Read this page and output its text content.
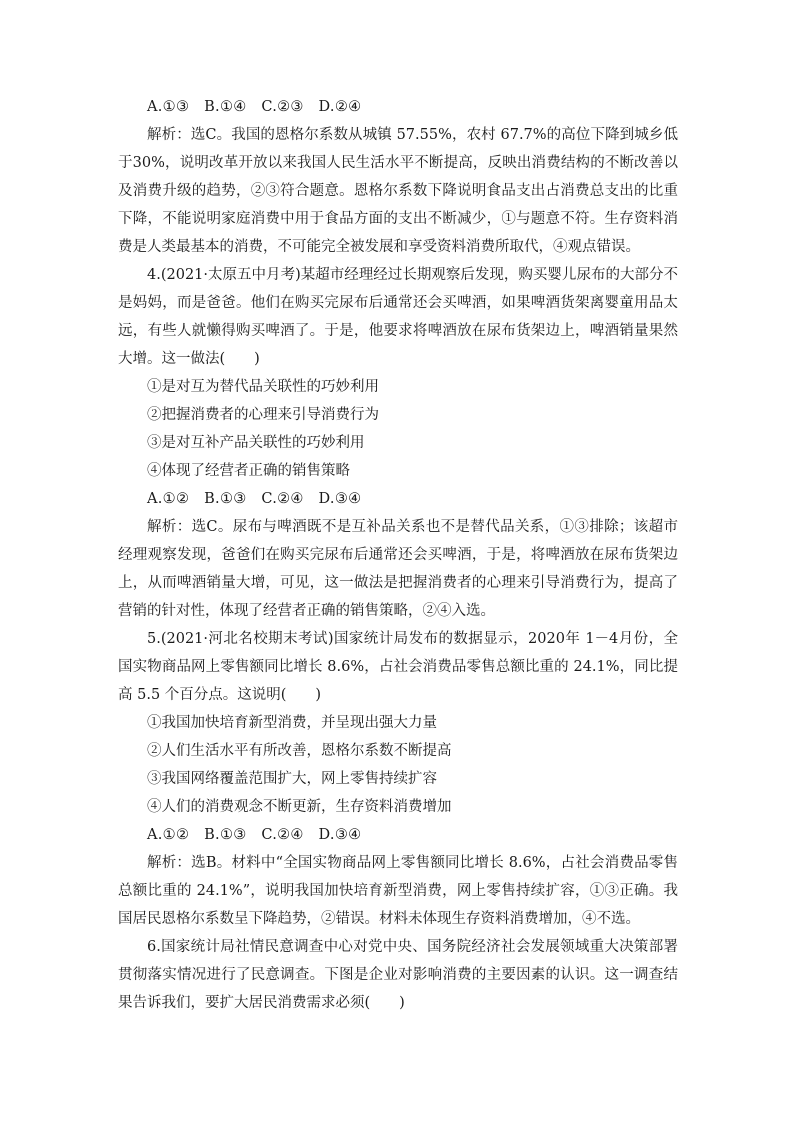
A.①③　B.①④　C.②③　D.②④

解析：选C。我国的恩格尔系数从城镇 57.55%，农村 67.7%的高位下降到城乡低于30%，说明改革开放以来我国人民生活水平不断提高，反映出消费结构的不断改善以及消费升级的趋势，②③符合题意。恩格尔系数下降说明食品支出占消费总支出的比重下降，不能说明家庭消费中用于食品方面的支出不断减少，①与题意不符。生存资料消费是人类最基本的消费，不可能完全被发展和享受资料消费所取代，④观点错误。

4.(2021·太原五中月考)某超市经理经过长期观察后发现，购买婴儿尿布的大部分不是妈妈，而是爸爸。他们在购买完尿布后通常还会买啤酒，如果啤酒货架离婴童用品太远，有些人就懒得购买啤酒了。于是，他要求将啤酒放在尿布货架边上，啤酒销量果然大增。这一做法(　　)

①是对互为替代品关联性的巧妙利用

②把握消费者的心理来引导消费行为

③是对互补产品关联性的巧妙利用

④体现了经营者正确的销售策略

A.①②　B.①③　C.②④　D.③④

解析：选C。尿布与啤酒既不是互补品关系也不是替代品关系，①③排除；该超市经理观察发现，爸爸们在购买完尿布后通常还会买啤酒，于是，将啤酒放在尿布货架边上，从而啤酒销量大增，可见，这一做法是把握消费者的心理来引导消费行为，提高了营销的针对性，体现了经营者正确的销售策略，②④入选。

5.(2021·河北名校期末考试)国家统计局发布的数据显示，2020年 1－4月份，全国实物商品网上零售额同比增长 8.6%，占社会消费品零售总额比重的 24.1%，同比提高 5.5 个百分点。这说明(　　)

①我国加快培育新型消费，并呈现出强大力量

②人们生活水平有所改善，恩格尔系数不断提高

③我国网络覆盖范围扩大，网上零售持续扩容

④人们的消费观念不断更新，生存资料消费增加

A.①②　B.①③　C.②④　D.③④

解析：选B。材料中“全国实物商品网上零售额同比增长 8.6%，占社会消费品零售总额比重的 24.1%”，说明我国加快培育新型消费，网上零售持续扩容，①③正确。我国居民恩格尔系数呈下降趋势，②错误。材料未体现生存资料消费增加，④不选。

6.国家统计局社情民意调查中心对党中央、国务院经济社会发展领域重大决策部署贯彻落实情况进行了民意调查。下图是企业对影响消费的主要因素的认识。这一调查结果告诉我们，要扩大居民消费需求必须(　　)
